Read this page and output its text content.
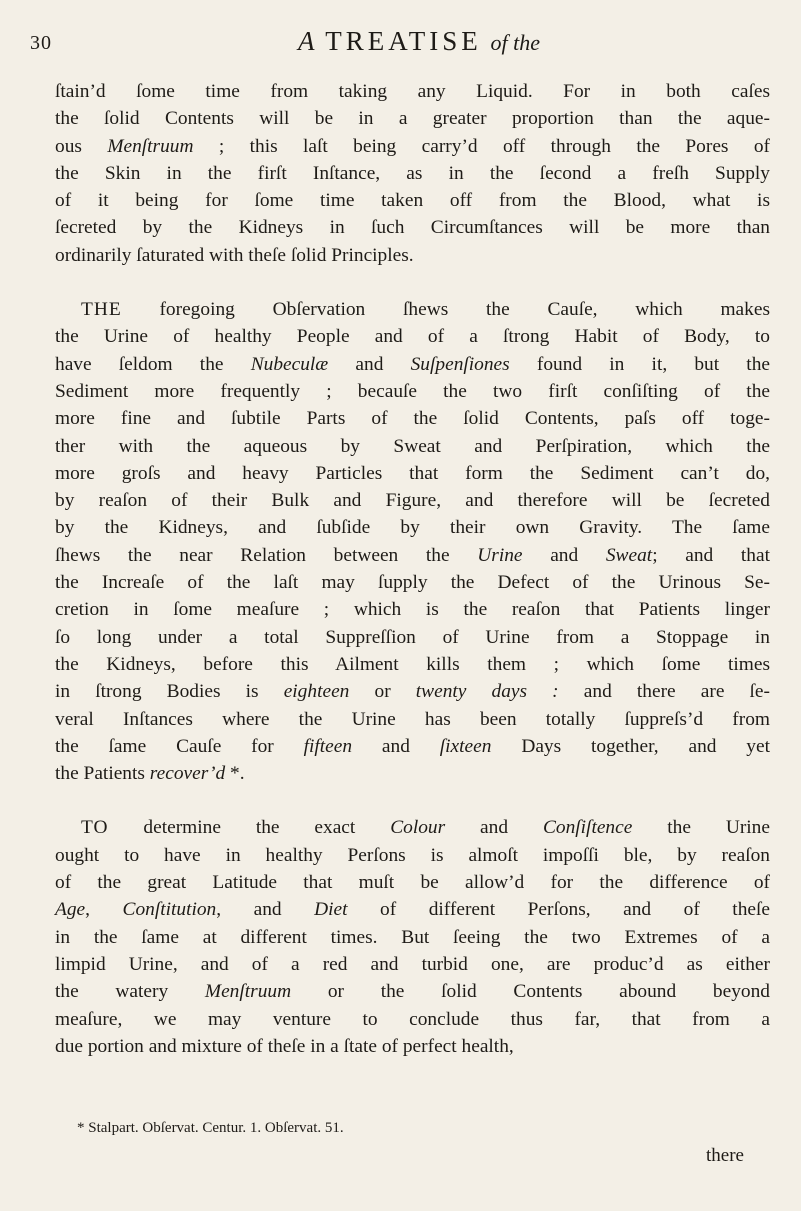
30	A TREATISE of the
ſtain’d ſome time from taking any Liquid. For in both caſes
the ſolid Contents will be in a greater proportion than the aque-
ous Menſtruum ; this laſt being carry’d off through the Pores of
the Skin in the firſt Inſtance, as in the ſecond a freſh Supply
of it being for ſome time taken off from the Blood, what is
ſecreted by the Kidneys in ſuch Circumſtances will be more than
ordinarily ſaturated with theſe ſolid Principles.
THE foregoing Obſervation ſhews the Cauſe, which makes
the Urine of healthy People and of a ſtrong Habit of Body, to
have ſeldom the Nubeculæ and Suſpenſiones found in it, but the
Sediment more frequently ; becauſe the two firſt conſiſting of the
more fine and ſubtile Parts of the ſolid Contents, paſs off toge-
ther with the aqueous by Sweat and Perſpiration, which the
more groſs and heavy Particles that form the Sediment can’t do,
by reaſon of their Bulk and Figure, and therefore will be ſecreted
by the Kidneys, and ſubſide by their own Gravity. The ſame
ſhews the near Relation between the Urine and Sweat; and that
the Increaſe of the laſt may ſupply the Defect of the Urinous Se-
cretion in ſome meaſure ; which is the reaſon that Patients linger
ſo long under a total Suppreſſion of Urine from a Stoppage in
the Kidneys, before this Ailment kills them ; which ſome times
in ſtrong Bodies is eighteen or twenty days : and there are ſe-
veral Inſtances where the Urine has been totally ſuppreſs’d from
the ſame Cauſe for fifteen and ſixteen Days together, and yet
the Patients recover’d *.
TO determine the exact Colour and Conſiſtence the Urine
ought to have in healthy Perſons is almoſt impoſſi ble, by reaſon
of the great Latitude that muſt be allow’d for the difference of
Age, Conſtitution, and Diet of different Perſons, and of theſe
in the ſame at different times. But ſeeing the two Extremes of a
limpid Urine, and of a red and turbid one, are produc’d as either
the watery Menſtruum or the ſolid Contents abound beyond
meaſure, we may venture to conclude thus far, that from a
due portion and mixture of theſe in a ſtate of perfect health,
* Stalpart. Obſervat. Centur. 1. Obſervat. 51.
there
